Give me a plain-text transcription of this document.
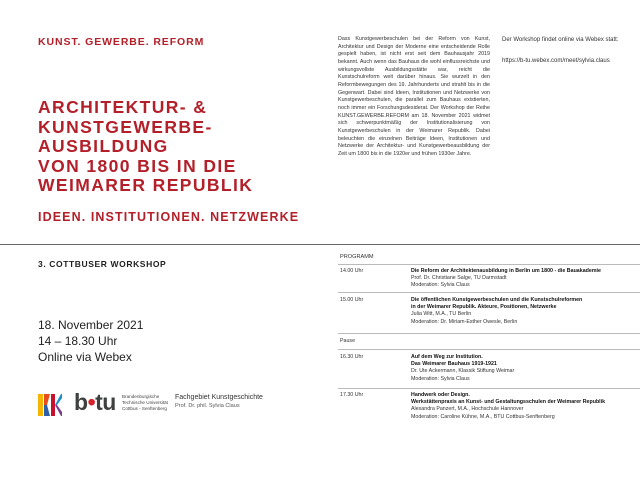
KUNST. GEWERBE. REFORM
ARCHITEKTUR- &
KUNSTGEWERBE-
AUSBILDUNG
VON 1800 BIS IN DIE
WEIMARER REPUBLIK
IDEEN. INSTITUTIONEN. NETZWERKE

Dass Kunstgewerbeschulen bei der Reform von Kunst, Architektur und Design der Moderne eine entscheidende Rolle gespielt haben, ist nicht erst seit dem Bauhausjahr 2019 bekannt. Auch wenn das Bauhaus die wohl einflussreichste und wirkungsvollste Ausbildungsstätte war, reicht die Kunstschulreform weit darüber hinaus. Sie wurzelt in den Reformbewegungen des 19. Jahrhunderts und strahlt bis in die Gegenwart. Dabei sind Ideen, Institutionen und Netzwerke von Kunstgewerbeschulen, die parallel zum Bauhaus existierten, noch immer ein Forschungsdesiderat. Der Workshop der Reihe KUNST.GEWERBE.REFORM am 18. November 2021 widmet sich schwerpunktmäßig der Institutionalisierung von Kunstgewerbeschulen in der Weimarer Republik. Dabei beleuchten die einzelnen Beiträge Ideen, Institutionen und Netzwerke der Architektur- und Kunstgewerbeausbildung der Zeit um 1800 bis in die 1920er und frühen 1930er Jahre.

Der Workshop findet online via Webex statt:
https://b-tu.webex.com/meet/sylvia.claus
3. COTTBUSER WORKSHOP
18. November 2021
14 – 18.30 Uhr
Online via Webex
b•tu Brandenburgische
Technische Universität
Cottbus - Senftenberg
Fachgebiet Kunstgeschichte
Prof. Dr. phil. Sylvia Claus
PROGRAMM
14.00 Uhr	Die Reform der Architektenausbildung in Berlin um 1800 - die Bauakademie
Prof. Dr. Christiane Salge, TU Darmstadt
Moderation: Sylvia Claus
15.00 Uhr	Die öffentlichen Kunstgewerbeschulen und die Kunstschulreformen
in der Weimarer Republik. Akteure, Positionen, Netzwerke
Julia Witt, M.A., TU Berlin
Moderation: Dr. Miriam-Esther Owesle, Berlin
Pause
16.30 Uhr	Auf dem Weg zur Institution.
Das Weimarer Bauhaus 1919-1921
Dr. Ute Ackermann, Klassik Stiftung Weimar
Moderation: Sylvia Claus
17.30 Uhr	Handwerk oder Design.
Werkstättenpraxis an Kunst- und Gestaltungsschulen der Weimarer Republik
Alexandra Panzert, M.A., Hochschule Hannover
Moderation: Caroline Kühne, M.A., BTU Cottbus-Senftenberg
